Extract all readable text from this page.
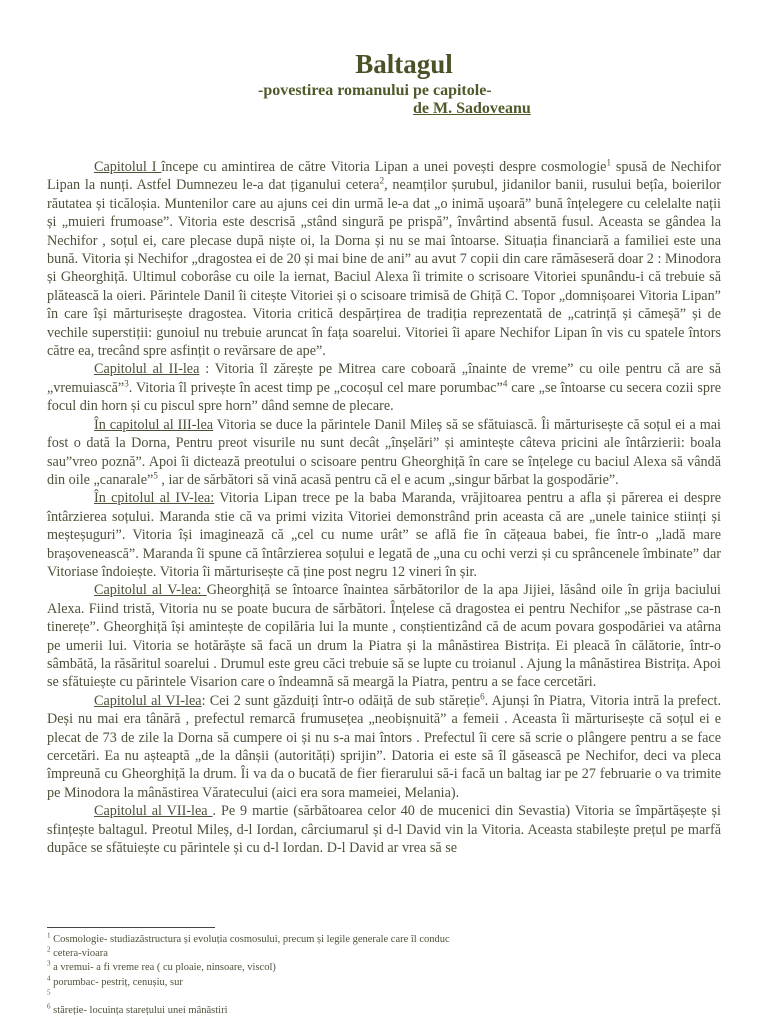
Baltagul
-povestirea romanului pe capitole-
de M. Sadoveanu

Capitolul I începe cu amintirea de către Vitoria Lipan a unei povești despre cosmologie$^1$ spusă de Nechifor Lipan la nunți. Astfel Dumnezeu le-a dat țiganului cetera$^2$, neamților șurubul, jidanilor banii, rusului bețîa, boierilor răutatea și ticăloșia. Muntenilor care au ajuns cei din urmă le-a dat „o inimă ușoară” bună înțelegere cu celelalte nații și „muieri frumoase”. Vitoria este descrisă „stând singură pe prispă”, învârtind absentă fusul. Aceasta se gândea la Nechifor , soțul ei, care plecase după niște oi, la Dorna și nu se mai întoarse. Situația financiară a familiei este una bună. Vitoria și Nechifor „dragostea ei de 20 și mai bine de ani” au avut 7 copii din care rămăseseră doar 2 : Minodora și Gheorghiță. Ultimul coborâse cu oile la iernat, Baciul Alexa îi trimite o scrisoare Vitoriei spunându-i că trebuie să plătească la oieri. Părintele Danil îi citește Vitoriei și o scisoare trimisă de Ghiță C. Topor „domnișoarei Vitoria Lipan” în care își mărturisește dragostea. Vitoria critică despărțirea de tradiția reprezentată de „catrință și cămeșă” și de vechile superstiții: gunoiul nu trebuie aruncat în fața soarelui. Vitoriei îi apare Nechifor Lipan în vis cu spatele întors către ea, trecând spre asfințit o revărsare de ape”.

Capitolul al II-lea : Vitoria îl zărește pe Mitrea care coboară „înainte de vreme” cu oile pentru că are să „vremuiască”$^3$. Vitoria îl privește în acest timp pe „cocoșul cel mare porumbac”$^4$ care „se întoarse cu secera cozii spre focul din horn și cu piscul spre horn” dând semne de plecare.

În capitolul al III-lea Vitoria se duce la părintele Danil Mileș să se sfătuiască. Îi mărturisește că soțul ei a mai fost o dată la Dorna, Pentru preot visurile nu sunt decât „înșelări” și amintește câteva pricini ale întârzierii: boala sau”vreo poznă”. Apoi îi dictează preotului o scisoare pentru Gheorghiță în care se înțelege cu baciul Alexa să vândă din oile „canarale”$^5$ , iar de sărbători să vină acasă pentru că el e acum „singur bărbat la gospodărie”.

În cpitolul al IV-lea: Vitoria Lipan trece pe la baba Maranda, vrăjitoarea pentru a afla și părerea ei despre întârzierea soțului. Maranda stie că va primi vizita Vitoriei demonstrând prin aceasta că are „unele tainice stiinți și meșteșuguri”. Vitoria își imaginează că „cel cu nume urât” se află fie în cățeaua babei, fie într-o „ladă mare brașovenească”. Maranda îi spune că întârzierea soțului e legată de „una cu ochi verzi și cu sprâncenele îmbinate” dar Vitoriase îndoiește. Vitoria îi mărturisește că ține post negru 12 vineri în șir.

Capitolul al V-lea: Gheorghiță se întoarce înaintea sărbătorilor de la apa Jijiei, lăsând oile în grija baciului Alexa. Fiind tristă, Vitoria nu se poate bucura de sărbători. Înțelese că dragostea ei pentru Nechifor „se păstrase ca-n tinerețe”. Gheorghiță își amintește de copilăria lui la munte , conștientizând că de acum povara gospodăriei va atârna pe umerii lui. Vitoria se hotărăște să facă un drum la Piatra și la mânăstirea Bistrița. Ei pleacă în călătorie, într-o sâmbătă, la răsăritul soarelui . Drumul este greu căci trebuie să se lupte cu troianul . Ajung la mânăstirea Bistrița. Apoi se sfătuiește cu părintele Visarion care o îndeamnă să meargă la Piatra, pentru a se face cercetări.

Capitolul al VI-lea: Cei 2 sunt găzduiți într-o odăiță de sub stăreție$^6$. Ajunși în Piatra, Vitoria intră la prefect. Deși nu mai era tânără , prefectul remarcă frumusețea „neobișnuită” a femeii . Aceasta îi mărturisește că soțul ei e plecat de 73 de zile la Dorna să cumpere oi și nu s-a mai întors . Prefectul îi cere să scrie o plângere pentru a se face cercetări. Ea nu așteaptă „de la dânșii (autorități) sprijin”. Datoria ei este să îl găsească pe Nechifor, deci va pleca împreună cu Gheorghiță la drum. Îi va da o bucată de fier fierarului să-i facă un baltag iar pe 27 februarie o va trimite pe Minodora la mânăstirea Văratecului (aici era sora mameiei, Melania).

Capitolul al VII-lea . Pe 9 martie (sărbătoarea celor 40 de mucenici din Sevastia) Vitoria se împărtășește și sfințește baltagul. Preotul Mileș, d-l Iordan, cârciumarul și d-l David vin la Vitoria. Aceasta stabilește prețul pe marfă dupăce se sfătuiește cu părintele și cu d-l Iordan. D-l David ar vrea să se

$^1$ Cosmologie- studiazăstructura și evoluția cosmosului, precum și legile generale care îl conduc
$^2$ cetera-vioara
$^3$ a vremui- a fi vreme rea ( cu ploaie, ninsoare, viscol)
$^4$ porumbac- pestriț, cenușiu, sur
$^5$
$^6$ stăreție- locuința starețului unei mânăstiri
